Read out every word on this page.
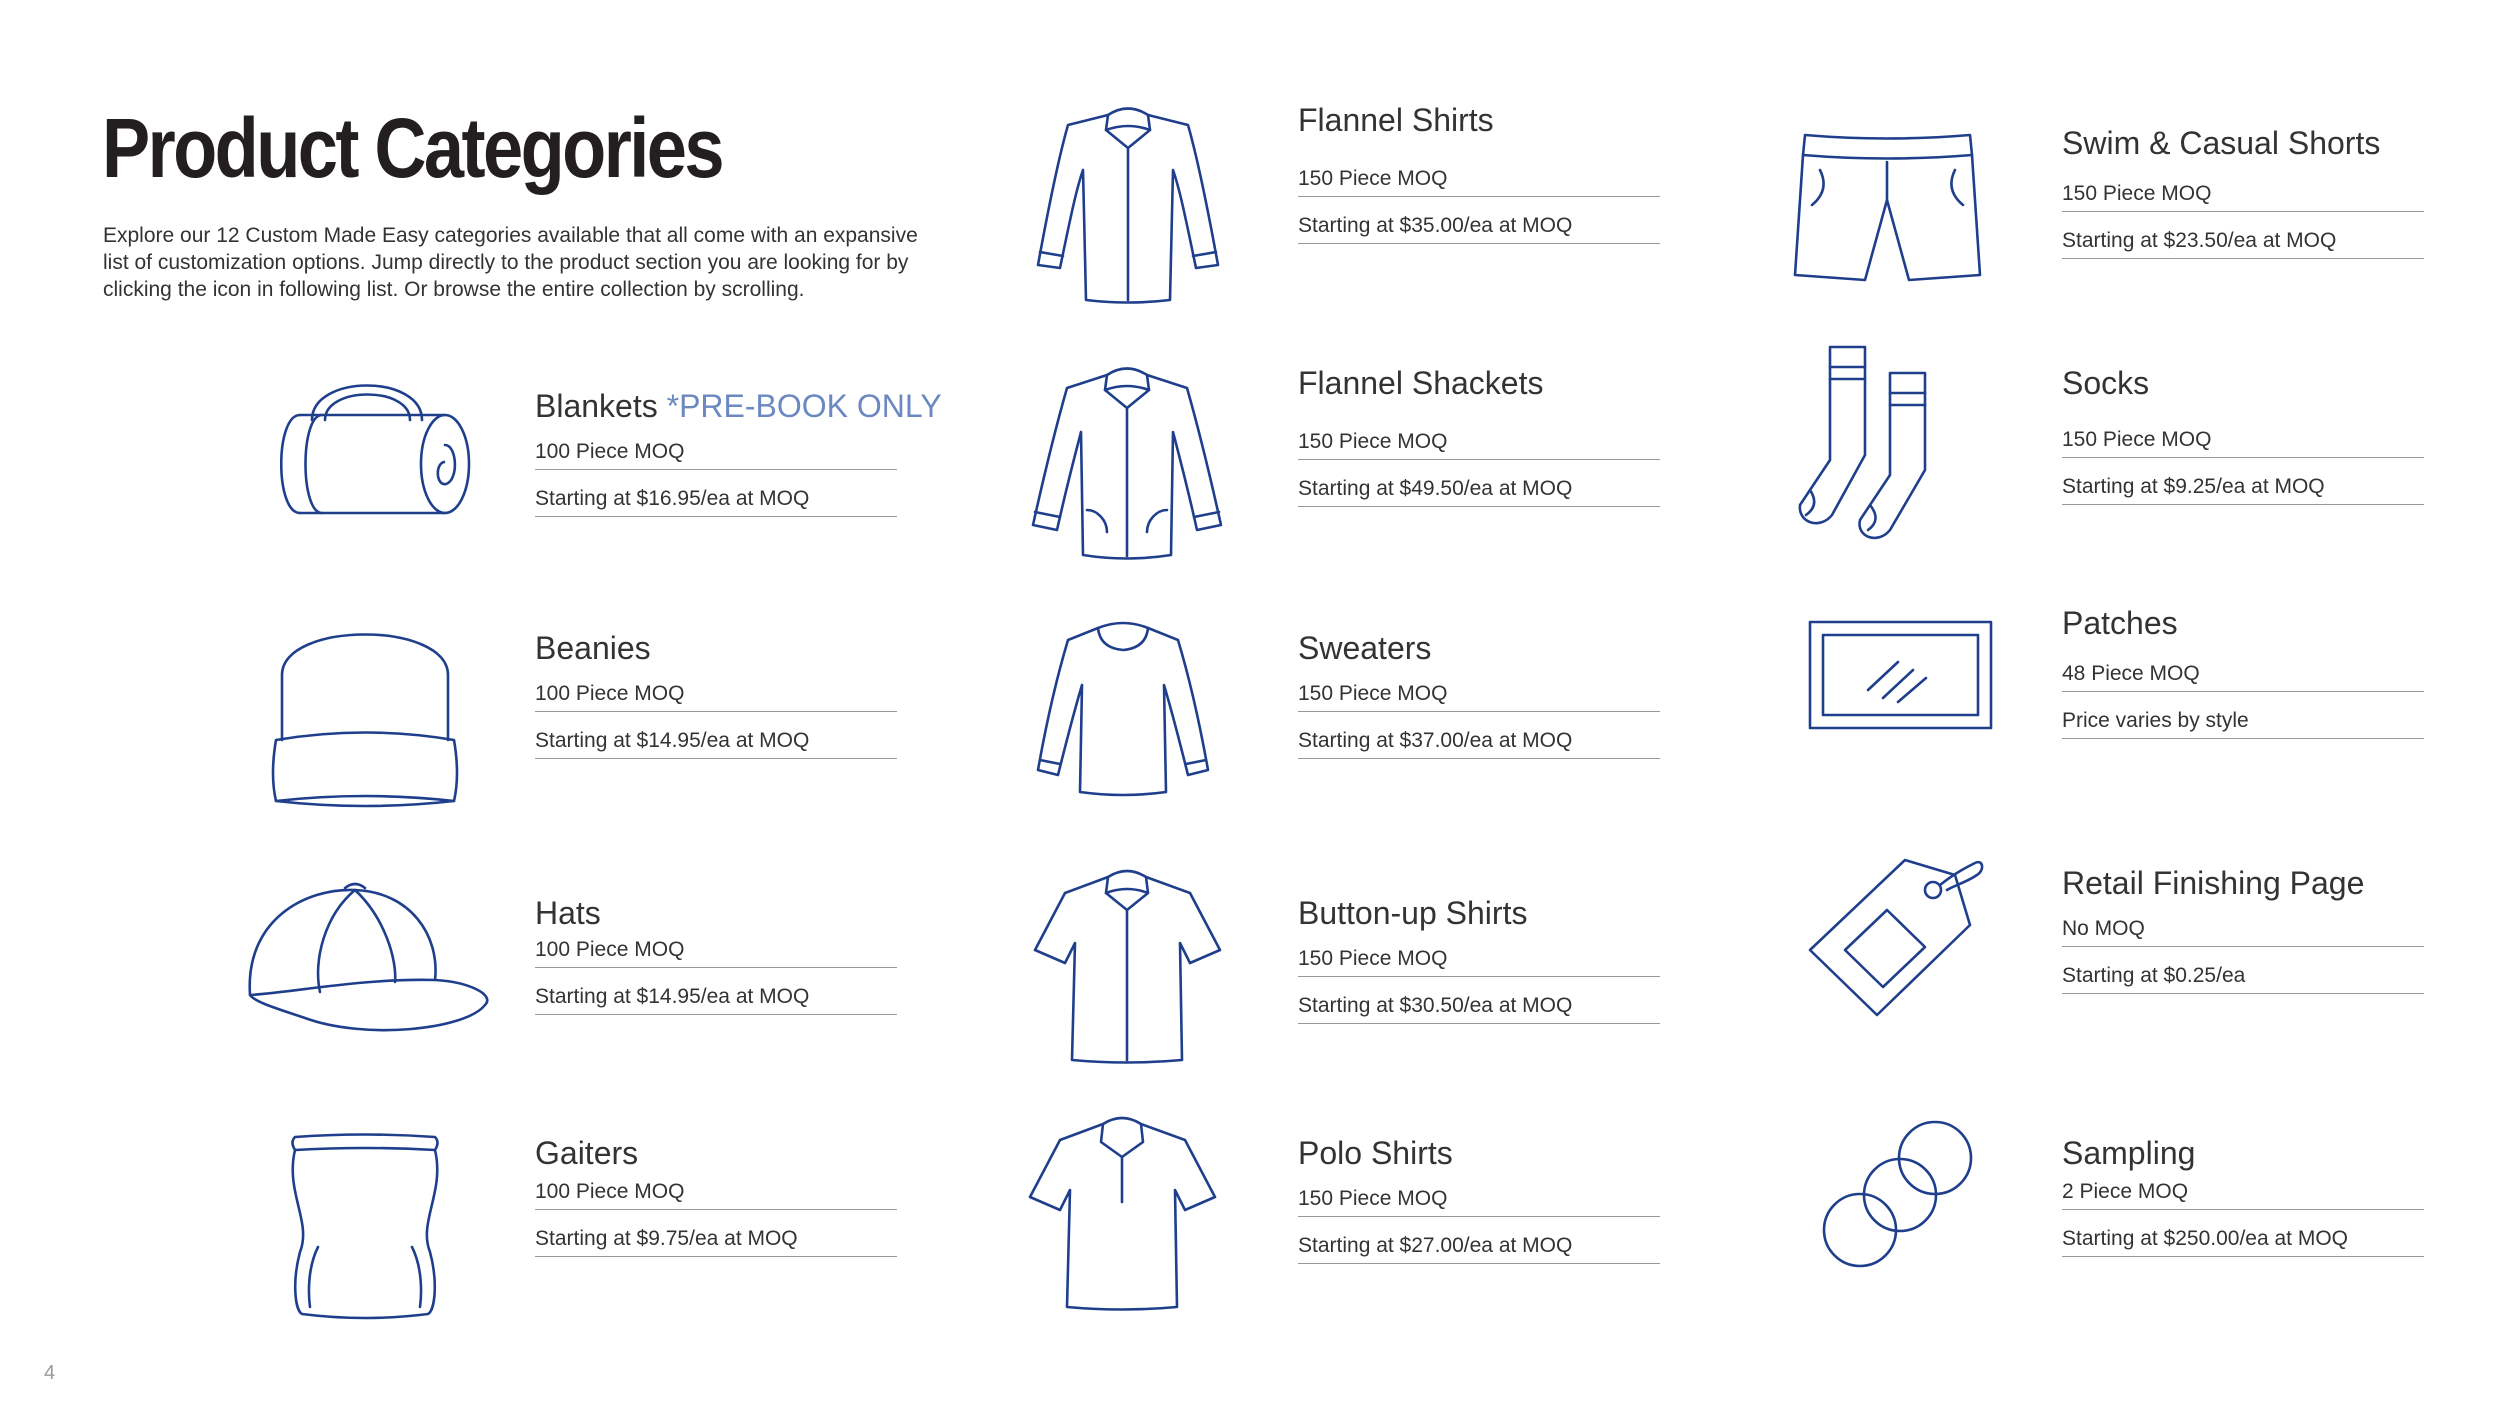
Product Categories

Explore our 12 Custom Made Easy categories available that all come with an expansive list of customization options. Jump directly to the product section you are looking for by clicking the icon in following list. Or browse the entire collection by scrolling.

Blankets *PRE-BOOK ONLY
100 Piece MOQ
Starting at $16.95/ea at MOQ
Beanies
100 Piece MOQ
Starting at $14.95/ea at MOQ
Hats
100 Piece MOQ
Starting at $14.95/ea at MOQ
Gaiters
100 Piece MOQ
Starting at $9.75/ea at MOQ
Flannel Shirts
150 Piece MOQ
Starting at $35.00/ea at MOQ
Flannel Shackets
150 Piece MOQ
Starting at $49.50/ea at MOQ
Sweaters
150 Piece MOQ
Starting at $37.00/ea at MOQ
Button-up Shirts
150 Piece MOQ
Starting at $30.50/ea at MOQ
Polo Shirts
150 Piece MOQ
Starting at $27.00/ea at MOQ
Swim & Casual Shorts
150 Piece MOQ
Starting at $23.50/ea at MOQ
Socks
150 Piece MOQ
Starting at $9.25/ea at MOQ
Patches
48 Piece MOQ
Price varies by style
Retail Finishing Page
No MOQ
Starting at $0.25/ea
Sampling
2 Piece MOQ
Starting at $250.00/ea at MOQ
4
